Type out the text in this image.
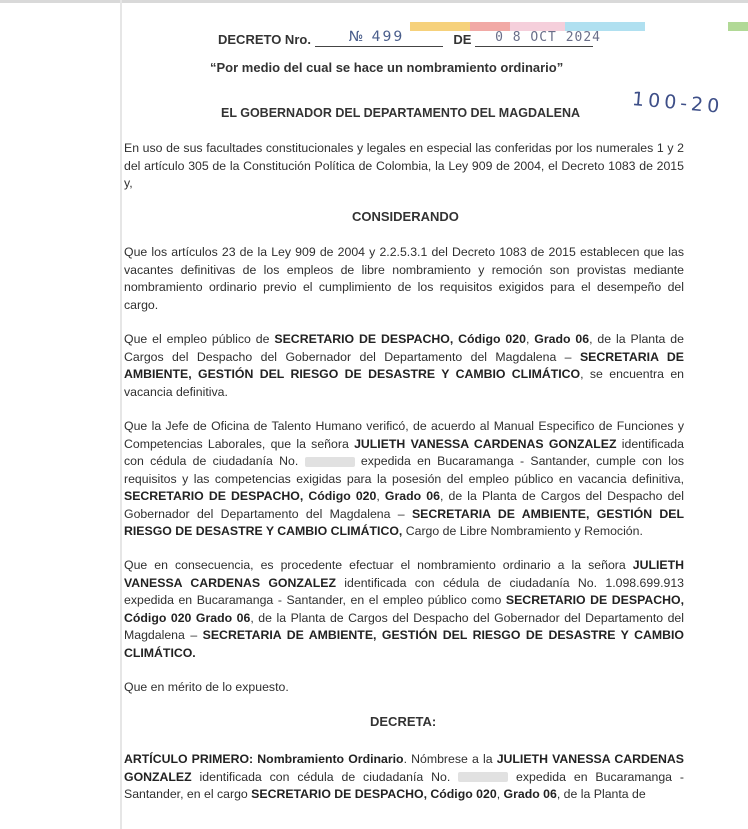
DECRETO Nro.	№ 499	DE 0 8 OCT 2024
“Por medio del cual se hace un nombramiento ordinario”
EL GOBERNADOR DEL DEPARTAMENTO DEL MAGDALENA	100-20
En uso de sus facultades constitucionales y legales en especial las conferidas por los numerales 1 y 2 del artículo 305 de la Constitución Política de Colombia, la Ley 909 de 2004, el Decreto 1083 de 2015 y,
CONSIDERANDO
Que los artículos 23 de la Ley 909 de 2004 y 2.2.5.3.1 del Decreto 1083 de 2015 establecen que las vacantes definitivas de los empleos de libre nombramiento y remoción son provistas mediante nombramiento ordinario previo el cumplimiento de los requisitos exigidos para el desempeño del cargo.
Que el empleo público de SECRETARIO DE DESPACHO, Código 020, Grado 06, de la Planta de Cargos del Despacho del Gobernador del Departamento del Magdalena – SECRETARIA DE AMBIENTE, GESTIÓN DEL RIESGO DE DESASTRE Y CAMBIO CLIMÁTICO, se encuentra en vacancia definitiva.
Que la Jefe de Oficina de Talento Humano verificó, de acuerdo al Manual Especifico de Funciones y Competencias Laborales, que la señora JULIETH VANESSA CARDENAS GONZALEZ identificada con cédula de ciudadanía No.	expedida en Bucaramanga - Santander, cumple con los requisitos y las competencias exigidas para la posesión del empleo público en vacancia definitiva, SECRETARIO DE DESPACHO, Código 020, Grado 06, de la Planta de Cargos del Despacho del Gobernador del Departamento del Magdalena – SECRETARIA DE AMBIENTE, GESTIÓN DEL RIESGO DE DESASTRE Y CAMBIO CLIMÁTICO, Cargo de Libre Nombramiento y Remoción.
Que en consecuencia, es procedente efectuar el nombramiento ordinario a la señora JULIETH VANESSA CARDENAS GONZALEZ identificada con cédula de ciudadanía No. 1.098.699.913 expedida en Bucaramanga - Santander, en el empleo público como SECRETARIO DE DESPACHO, Código 020 Grado 06, de la Planta de Cargos del Despacho del Gobernador del Departamento del Magdalena – SECRETARIA DE AMBIENTE, GESTIÓN DEL RIESGO DE DESASTRE Y CAMBIO CLIMÁTICO.
Que en mérito de lo expuesto.
DECRETA:
ARTÍCULO PRIMERO: Nombramiento Ordinario. Nómbrese a la JULIETH VANESSA CARDENAS GONZALEZ identificada con cédula de ciudadanía No.	expedida en Bucaramanga - Santander, en el cargo SECRETARIO DE DESPACHO, Código 020, Grado 06, de la Planta de
